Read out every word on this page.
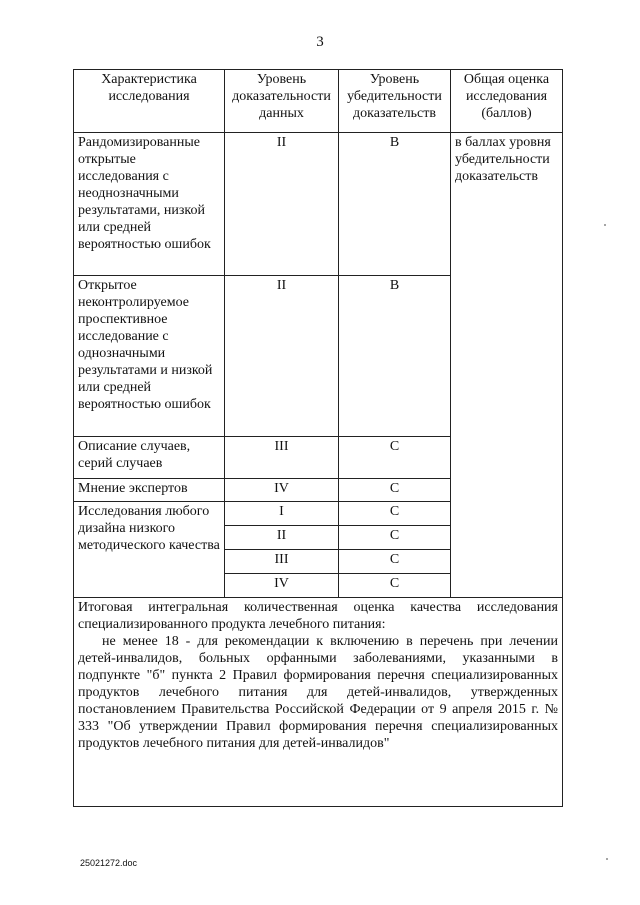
3
Характеристика исследования	Уровень доказательности данных	Уровень убедительности доказательств	Общая оценка исследования (баллов)
Рандомизированные открытые исследования с неоднозначными результатами, низкой или средней вероятностью ошибок	II	В	в баллах уровня убедительности доказательств
Открытое неконтролируемое проспективное исследование с однозначными результатами и низкой или средней вероятностью ошибок	II	В	
Описание случаев, серий случаев	III	С	
Мнение экспертов	IV	С	
Исследования любого дизайна низкого методического качества	I	С	
	II	С	
	III	С	
	IV	С	

Итоговая интегральная количественная оценка качества исследования специализированного продукта лечебного питания:
не менее 18 - для рекомендации к включению в перечень при лечении детей-инвалидов, больных орфанными заболеваниями, указанными в подпункте "б" пункта 2 Правил формирования перечня специализированных продуктов лечебного питания для детей-инвалидов, утвержденных постановлением Правительства Российской Федерации от 9 апреля 2015 г. № 333 "Об утверждении Правил формирования перечня специализированных продуктов лечебного питания для детей-инвалидов"			
25021272.doc
